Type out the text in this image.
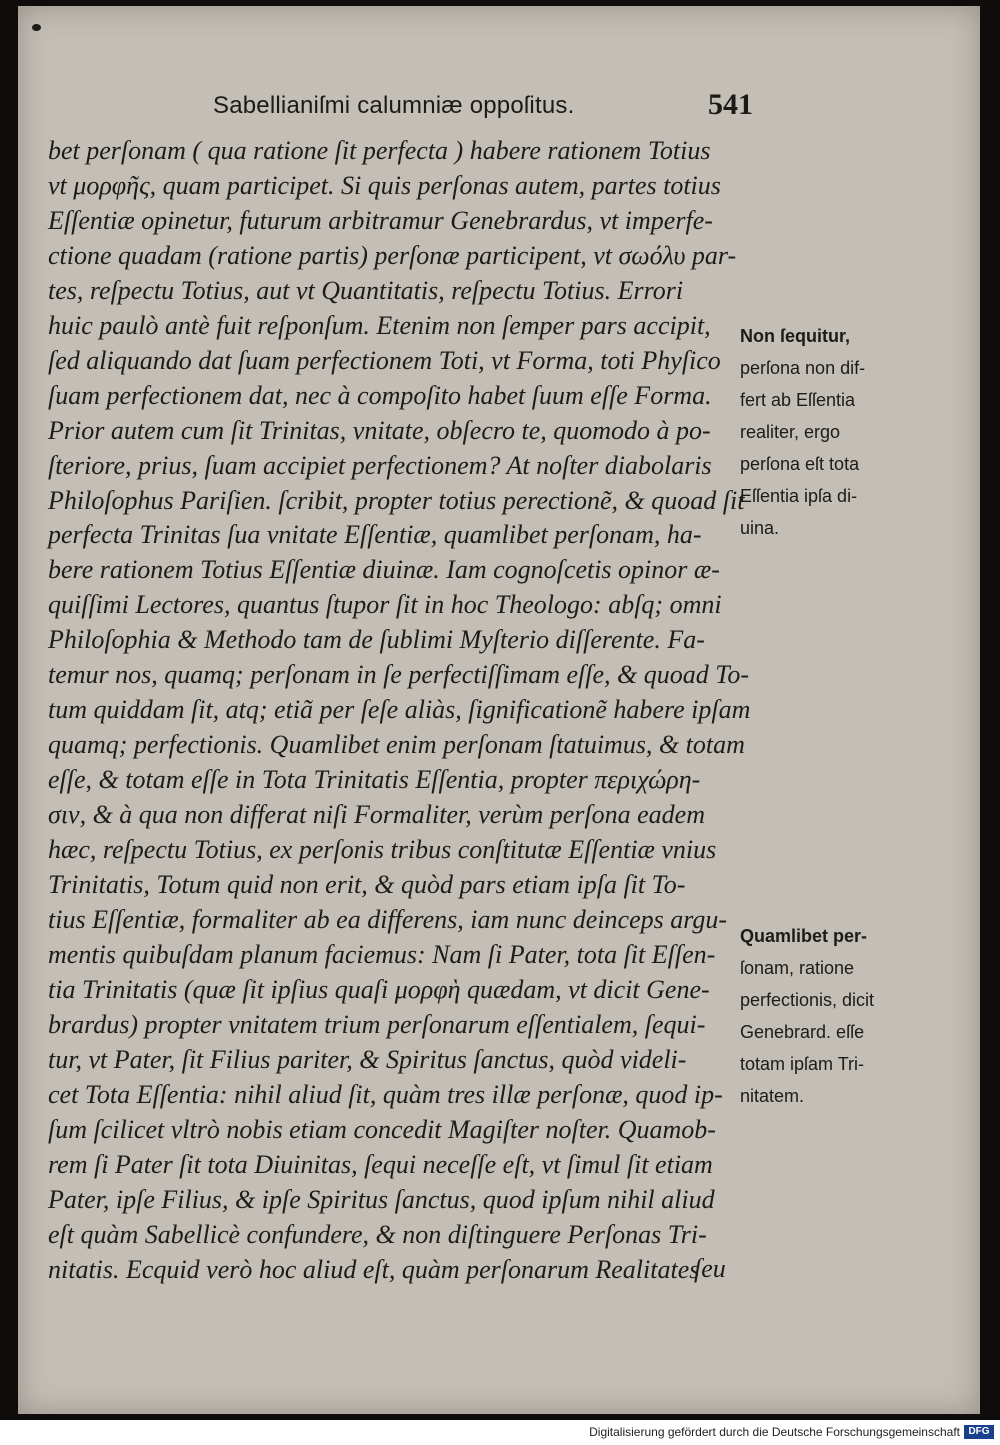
Sabellianiſmi calumniæ oppoſitus.	541
bet perſonam ( qua ratione ſit perfecta ) habere rationem Totius
vt μορφῆς, quam participet. Si quis perſonas autem, partes totius
Eſſentiæ opinetur, futurum arbitramur Genebrardus, vt imperfe-
ctione quadam (ratione partis) perſonæ participent, vt σωόλυ par-
tes, reſpectu Totius, aut vt Quantitatis, reſpectu Totius. Errori
huic paulò antè fuit reſponſum. Etenim non ſemper pars accipit,
ſed aliquando dat ſuam perfectionem Toti, vt Forma, toti Phyſico
ſuam perfectionem dat, nec à compoſito habet ſuum eſſe Forma.
Prior autem cum ſit Trinitas, vnitate, obſecro te, quomodo à po-
ſteriore, prius, ſuam accipiet perfectionem? At noſter diabolaris
Philoſophus Pariſien. ſcribit, propter totius perectionẽ, & quoad ſit
perfecta Trinitas ſua vnitate Eſſentiæ, quamlibet perſonam, ha-
bere rationem Totius Eſſentiæ diuinæ. Iam cognoſcetis opinor æ-
quiſſimi Lectores, quantus ſtupor ſit in hoc Theologo: abſq; omni
Philoſophia & Methodo tam de ſublimi Myſterio diſſerente. Fa-
temur nos, quamq; perſonam in ſe perfectiſſimam eſſe, & quoad To-
tum quiddam ſit, atq; etiã per ſeſe aliàs, ſignificationẽ habere ipſam
quamq; perfectionis. Quamlibet enim perſonam ſtatuimus, & totam
eſſe, & totam eſſe in Tota Trinitatis Eſſentia, propter περιχώρη-
σιν, & à qua non differat niſi Formaliter, verùm perſona eadem
hæc, reſpectu Totius, ex perſonis tribus conſtitutæ Eſſentiæ vnius
Trinitatis, Totum quid non erit, & quòd pars etiam ipſa ſit To-
tius Eſſentiæ, formaliter ab ea differens, iam nunc deinceps argu-
mentis quibuſdam planum faciemus: Nam ſi Pater, tota ſit Eſſen-
tia Trinitatis (quæ ſit ipſius quaſi μορφὴ quædam, vt dicit Gene-
brardus) propter vnitatem trium perſonarum eſſentialem, ſequi-
tur, vt Pater, ſit Filius pariter, & Spiritus ſanctus, quòd videli-
cet Tota Eſſentia: nihil aliud ſit, quàm tres illæ perſonæ, quod ip-
ſum ſcilicet vltrò nobis etiam concedit Magiſter noſter. Quamob-
rem ſi Pater ſit tota Diuinitas, ſequi neceſſe eſt, vt ſimul ſit etiam
Pater, ipſe Filius, & ipſe Spiritus ſanctus, quod ipſum nihil aliud
eſt quàm Sabellicè confundere, & non diſtinguere Perſonas Tri-
nitatis. Ecquid verò hoc aliud eſt, quàm perſonarum Realitates
ſeu
Non ſequitur,
perſona non dif-
fert ab Eſſentia
realiter, ergo
perſona eſt tota
Eſſentia ipſa di-
uina.
Quamlibet per-
ſonam, ratione
perfectionis, dicit
Genebrard. eſſe
totam ipſam Tri-
nitatem.
Digitalisierung gefördert durch die Deutsche Forschungsgemeinschaft DFG
